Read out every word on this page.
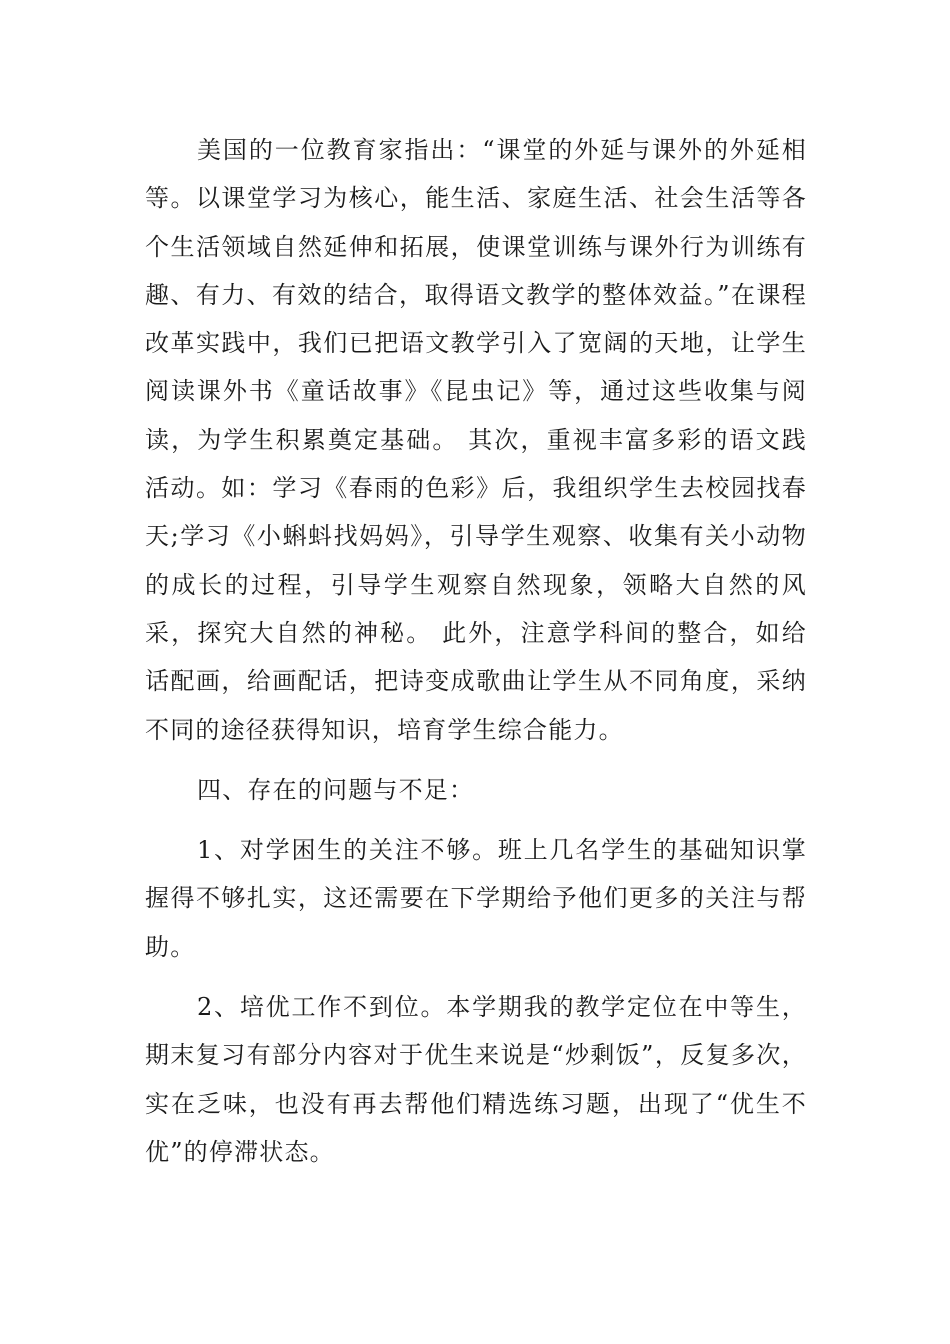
美国的一位教育家指出：“课堂的外延与课外的外延相等。以课堂学习为核心，能生活、家庭生活、社会生活等各个生活领域自然延伸和拓展，使课堂训练与课外行为训练有趣、有力、有效的结合，取得语文教学的整体效益。”在课程改革实践中，我们已把语文教学引入了宽阔的天地，让学生阅读课外书《童话故事》《昆虫记》等，通过这些收集与阅读，为学生积累奠定基础。 其次，重视丰富多彩的语文践活动。如：学习《春雨的色彩》后，我组织学生去校园找春天;学习《小蝌蚪找妈妈》，引导学生观察、收集有关小动物的成长的过程，引导学生观察自然现象，领略大自然的风采，探究大自然的神秘。 此外，注意学科间的整合，如给话配画，给画配话，把诗变成歌曲让学生从不同角度，采纳不同的途径获得知识，培育学生综合能力。

四、存在的问题与不足：

1、对学困生的关注不够。班上几名学生的基础知识掌握得不够扎实，这还需要在下学期给予他们更多的关注与帮助。

2、培优工作不到位。本学期我的教学定位在中等生，期末复习有部分内容对于优生来说是“炒剩饭”，反复多次，实在乏味，也没有再去帮他们精选练习题，出现了“优生不优”的停滞状态。
